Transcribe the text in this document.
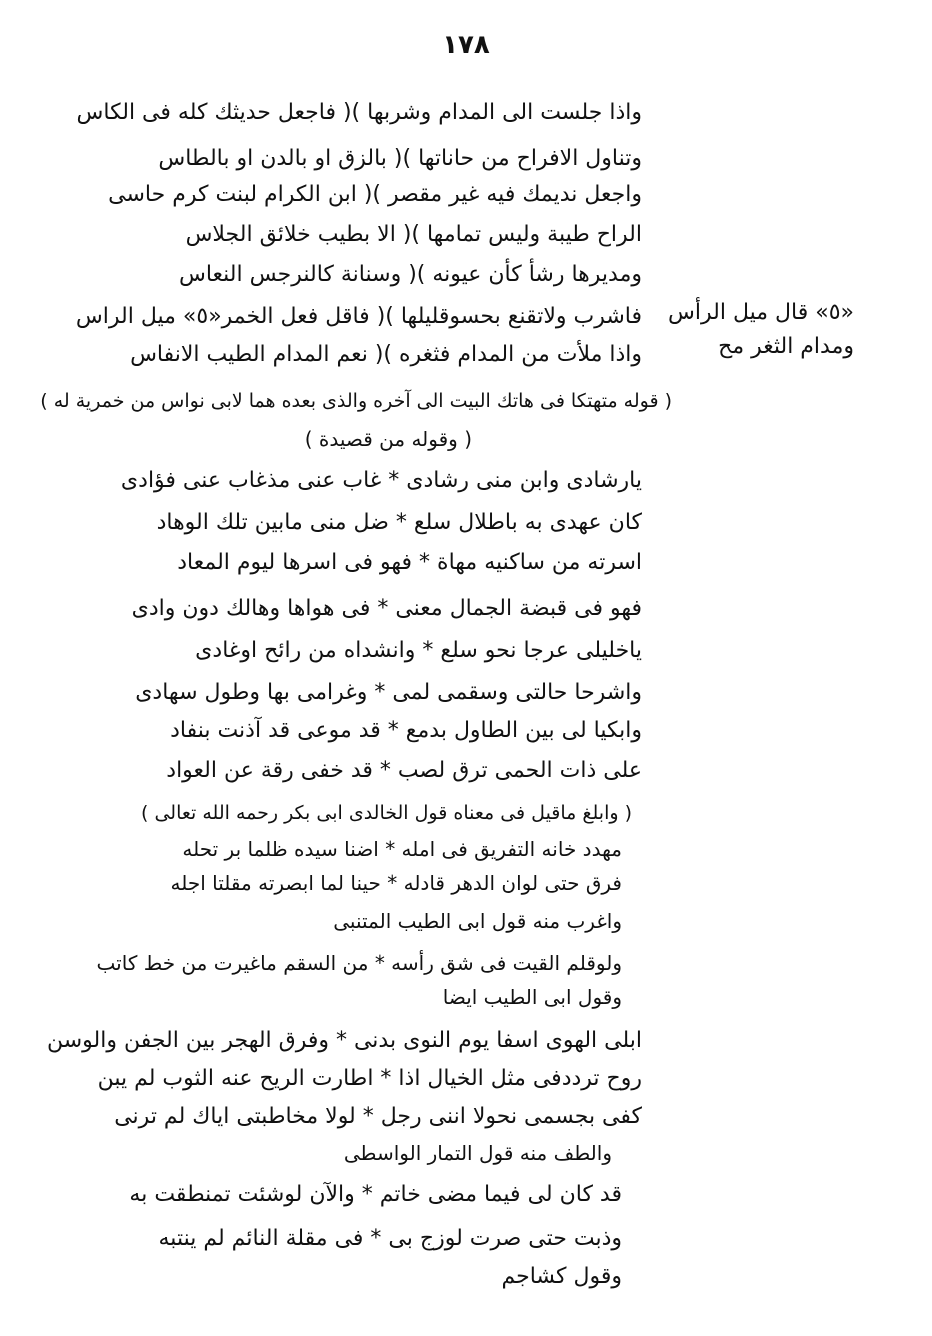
١٧٨
واذا جلست الى المدام وشربها )( فاجعل حديثك كله فى الكاس
وتناول الافراح من حاناتها )( بالزق او بالدن او بالطاس
واجعل نديمك فيه غير مقصر )( ابن الكرام لبنت كرم حاسى
الراح طيبة وليس تمامها )( الا بطيب خلائق الجلاس
ومديرها رشأ كأن عيونه )( وسنانة كالنرجس النعاس
فاشرب ولاتقنع بحسوقليلها )( فاقل فعل الخمر«٥» ميل الراس
واذا ملأت من المدام فثغره )( نعم المدام الطيب الانفاس
( قوله متهتكا فى هاتك البيت الى آخره والذى بعده هما لابى نواس من خمرية له )
( وقوله من قصيدة )
يارشادى وابن منى رشادى * غاب عنى مذغاب عنى فؤادى
كان عهدى به باطلال سلع * ضل منى مابين تلك الوهاد
اسرته من ساكنيه مهاة * فهو فى اسرها ليوم المعاد
فهو فى قبضة الجمال معنى * فى هواها وهالك دون وادى
ياخليلى عرجا نحو سلع * وانشداه من رائح اوغادى
واشرحا حالتى وسقمى لمى * وغرامى بها وطول سهادى
وابكيا لى بين الطاول بدمع * قد موعى قد آذنت بنفاد
على ذات الحمى ترق لصب * قد خفى رقة عن العواد
( وابلغ ماقيل فى معناه قول الخالدى ابى بكر رحمه الله تعالى )
مهدد خانه التفريق فى امله * اضنا سيده ظلما بر تحله
فرق حتى لوان الدهر قادله * حينا لما ابصرته مقلتا اجله
واغرب منه قول ابى الطيب المتنبى
ولوقلم القيت فى شق رأسه * من السقم ماغيرت من خط كاتب
وقول ابى الطيب ايضا
ابلى الهوى اسفا يوم النوى بدنى * وفرق الهجر بين الجفن والوسن
روح ترددفى مثل الخيال اذا * اطارت الريح عنه الثوب لم يبن
كفى بجسمى نحولا اننى رجل * لولا مخاطبتى اياك لم ترنى
والطف منه قول التمار الواسطى
قد كان لى فيما مضى خاتم * والآن لوشئت تمنطقت به
وذبت حتى صرت لوزج بى * فى مقلة النائم لم ينتبه
وقول كشاجم
«٥» قال ميل الرأس
ومدام الثغر مح
